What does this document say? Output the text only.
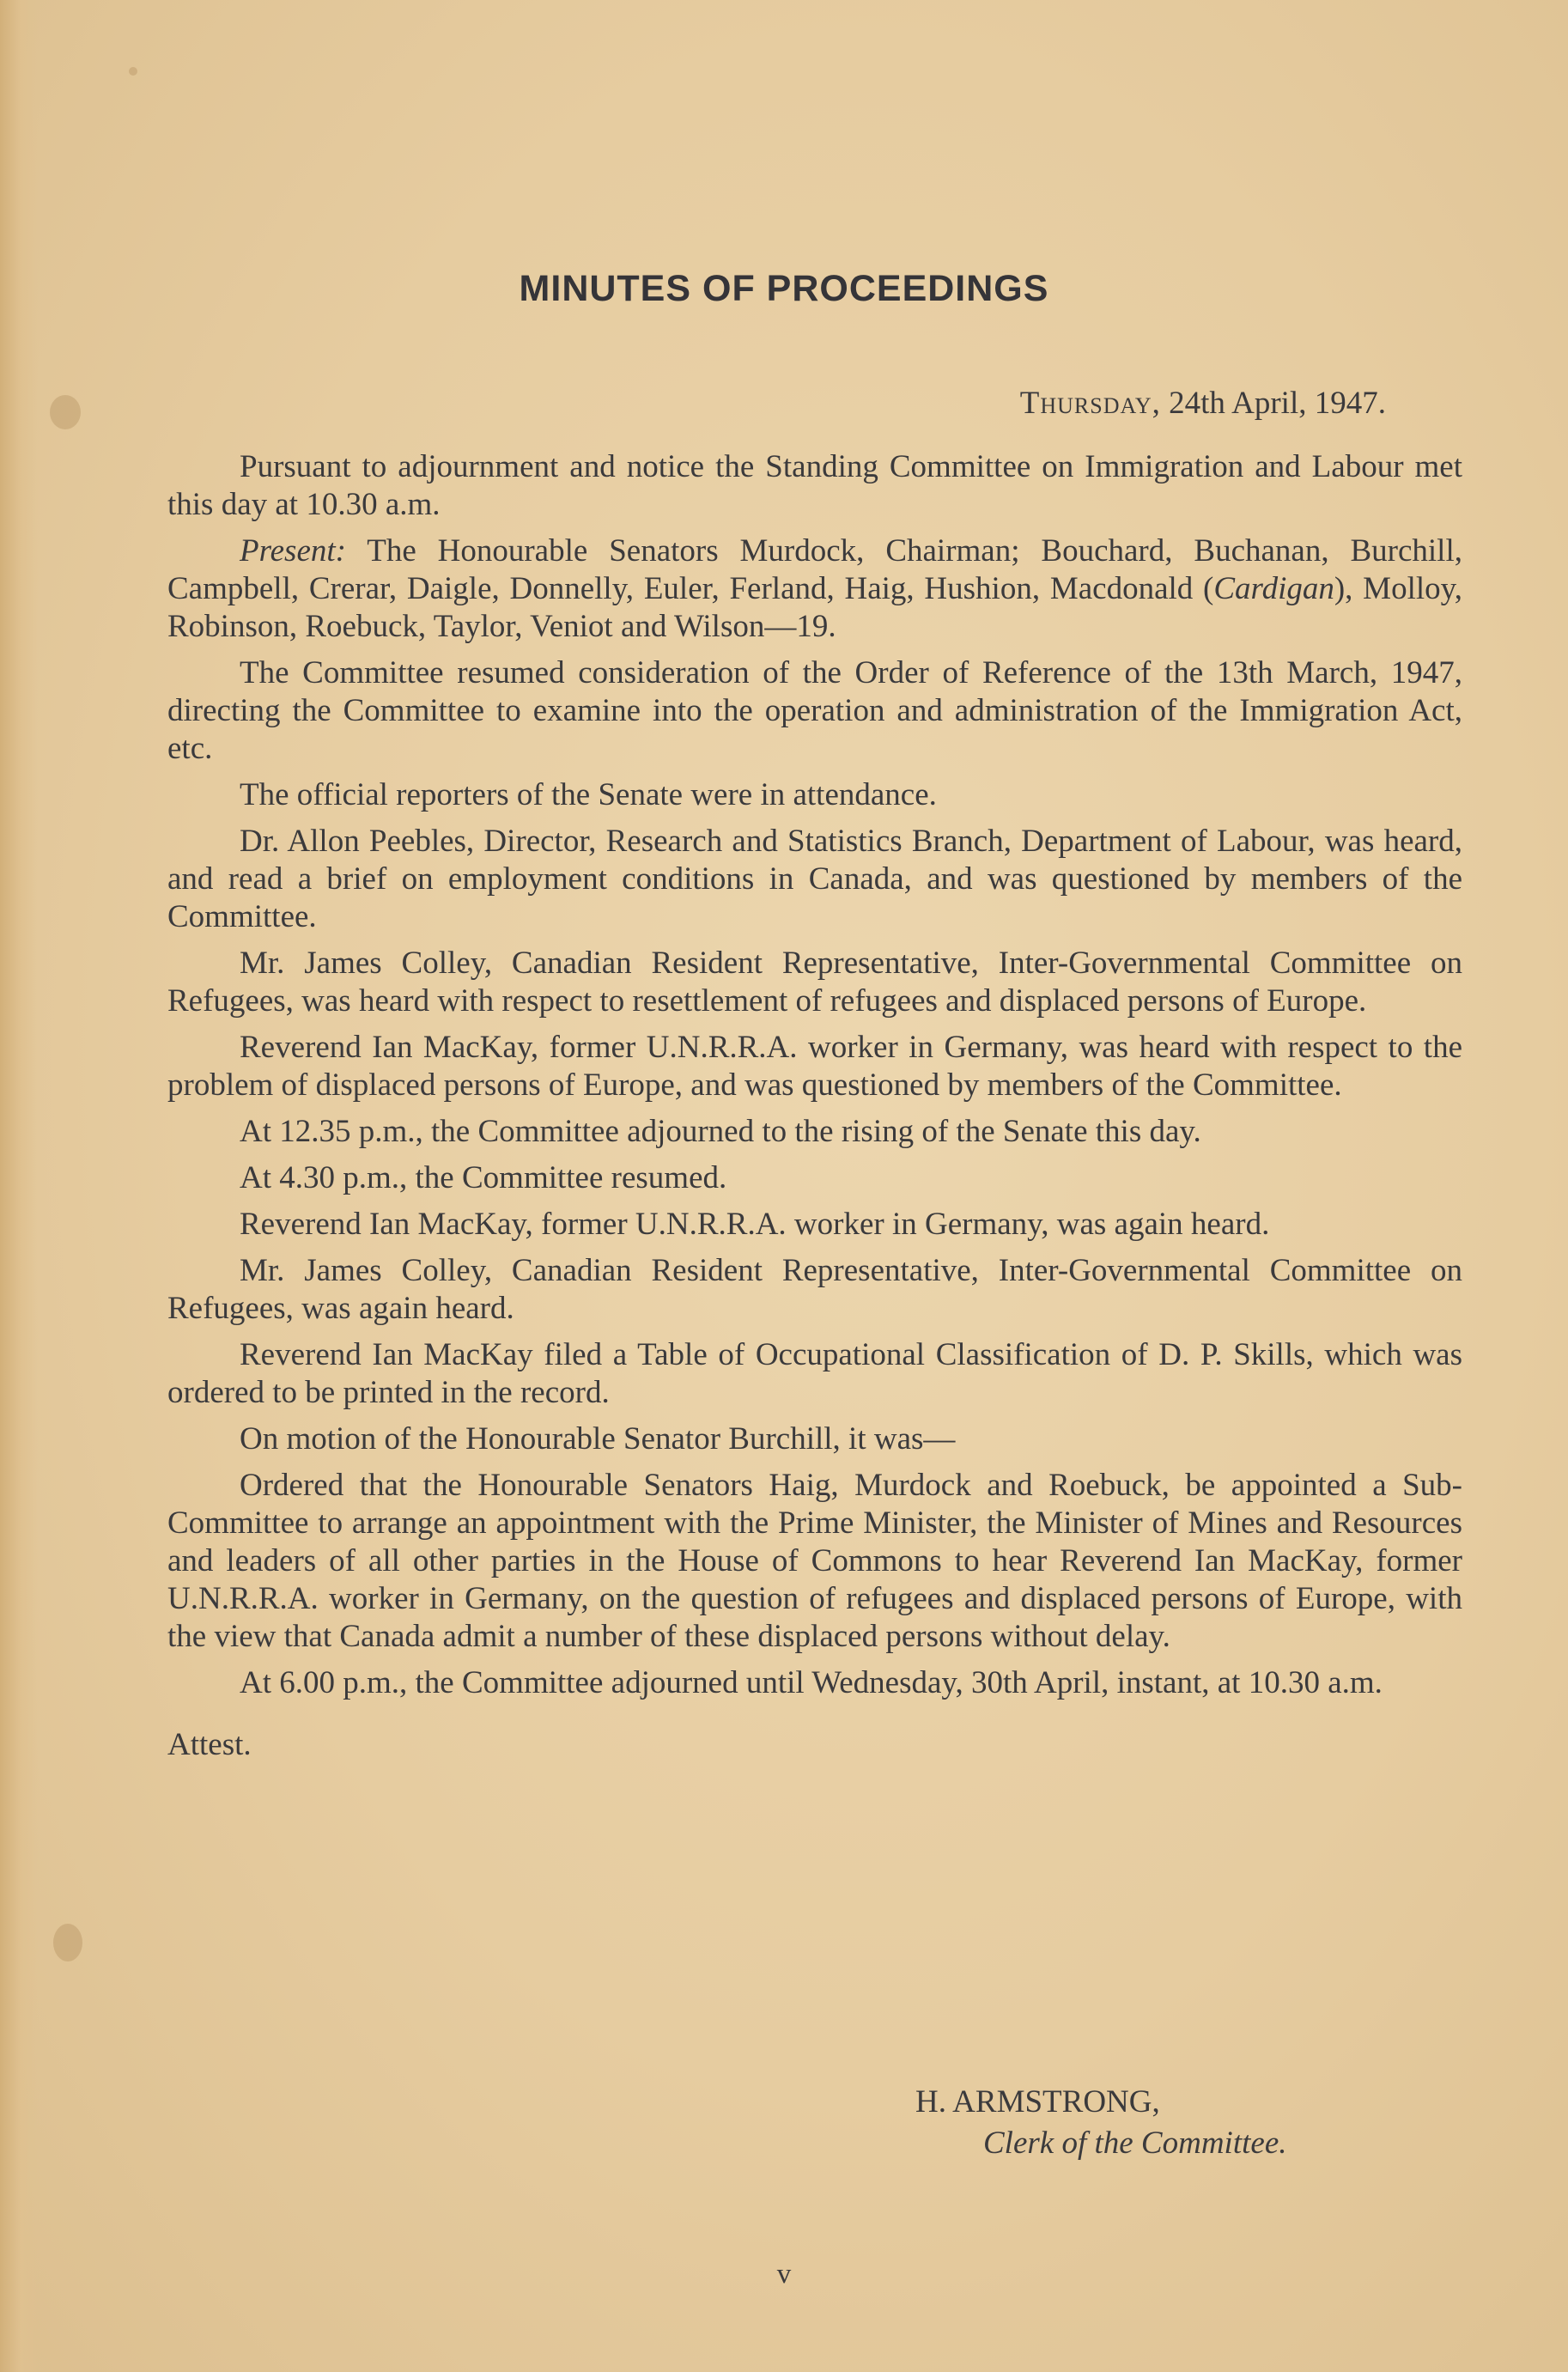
MINUTES OF PROCEEDINGS
Thursday, 24th April, 1947.

Pursuant to adjournment and notice the Standing Committee on Immigration and Labour met this day at 10.30 a.m.

Present: The Honourable Senators Murdock, Chairman; Bouchard, Buchanan, Burchill, Campbell, Crerar, Daigle, Donnelly, Euler, Ferland, Haig, Hushion, Macdonald (Cardigan), Molloy, Robinson, Roebuck, Taylor, Veniot and Wilson—19.

The Committee resumed consideration of the Order of Reference of the 13th March, 1947, directing the Committee to examine into the operation and administration of the Immigration Act, etc.

The official reporters of the Senate were in attendance.

Dr. Allon Peebles, Director, Research and Statistics Branch, Department of Labour, was heard, and read a brief on employment conditions in Canada, and was questioned by members of the Committee.

Mr. James Colley, Canadian Resident Representative, Inter-Governmental Committee on Refugees, was heard with respect to resettlement of refugees and displaced persons of Europe.

Reverend Ian MacKay, former U.N.R.R.A. worker in Germany, was heard with respect to the problem of displaced persons of Europe, and was questioned by members of the Committee.

At 12.35 p.m., the Committee adjourned to the rising of the Senate this day.

At 4.30 p.m., the Committee resumed.

Reverend Ian MacKay, former U.N.R.R.A. worker in Germany, was again heard.

Mr. James Colley, Canadian Resident Representative, Inter-Governmental Committee on Refugees, was again heard.

Reverend Ian MacKay filed a Table of Occupational Classification of D. P. Skills, which was ordered to be printed in the record.

On motion of the Honourable Senator Burchill, it was—

Ordered that the Honourable Senators Haig, Murdock and Roebuck, be appointed a Sub-Committee to arrange an appointment with the Prime Minister, the Minister of Mines and Resources and leaders of all other parties in the House of Commons to hear Reverend Ian MacKay, former U.N.R.R.A. worker in Germany, on the question of refugees and displaced persons of Europe, with the view that Canada admit a number of these displaced persons without delay.

At 6.00 p.m., the Committee adjourned until Wednesday, 30th April, instant, at 10.30 a.m.

Attest.

H. ARMSTRONG,
Clerk of the Committee.
v
